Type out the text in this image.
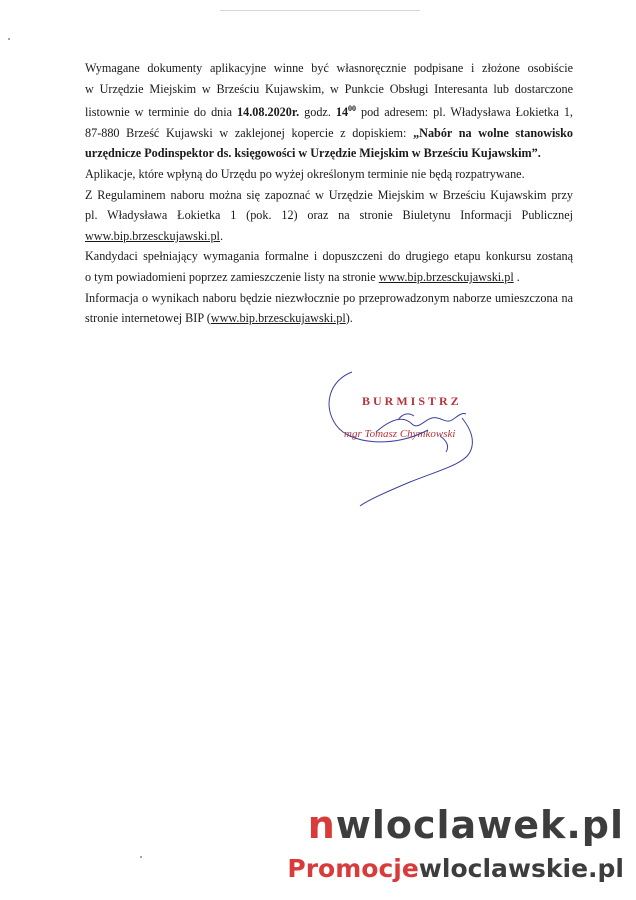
Wymagane dokumenty aplikacyjne winne być własnoręcznie podpisane i złożone osobiście

w Urzędzie Miejskim w Brześciu Kujawskim, w Punkcie Obsługi Interesanta lub dostarczone

listownie w terminie do dnia 14.08.2020r. godz. $14^{00}$ pod adresem: pl. Władysława Łokietka 1,

87-880 Brześć Kujawski w zaklejonej kopercie z dopiskiem: „Nabór na wolne stanowisko

urzędnicze Podinspektor ds. księgowości w Urzędzie Miejskim w Brześciu Kujawskim”.

Aplikacje, które wpłyną do Urzędu po wyżej określonym terminie nie będą rozpatrywane.

Z Regulaminem naboru można się zapoznać w Urzędzie Miejskim w Brześciu Kujawskim przy

pl. Władysława Łokietka 1 (pok. 12) oraz na stronie Biuletynu Informacji Publicznej

www.bip.brzesckujawski.pl.

Kandydaci spełniający wymagania formalne i dopuszczeni do drugiego etapu konkursu zostaną

o tym powiadomieni poprzez zamieszczenie listy na stronie www.bip.brzesckujawski.pl .

Informacja o wynikach naboru będzie niezwłocznie po przeprowadzonym naborze umieszczona na

stronie internetowej BIP (www.bip.brzesckujawski.pl).

BURMISTRZ
mgr Tomasz Chymkowski
nwloclawek.pl
Promocjewloclawskie.pl
